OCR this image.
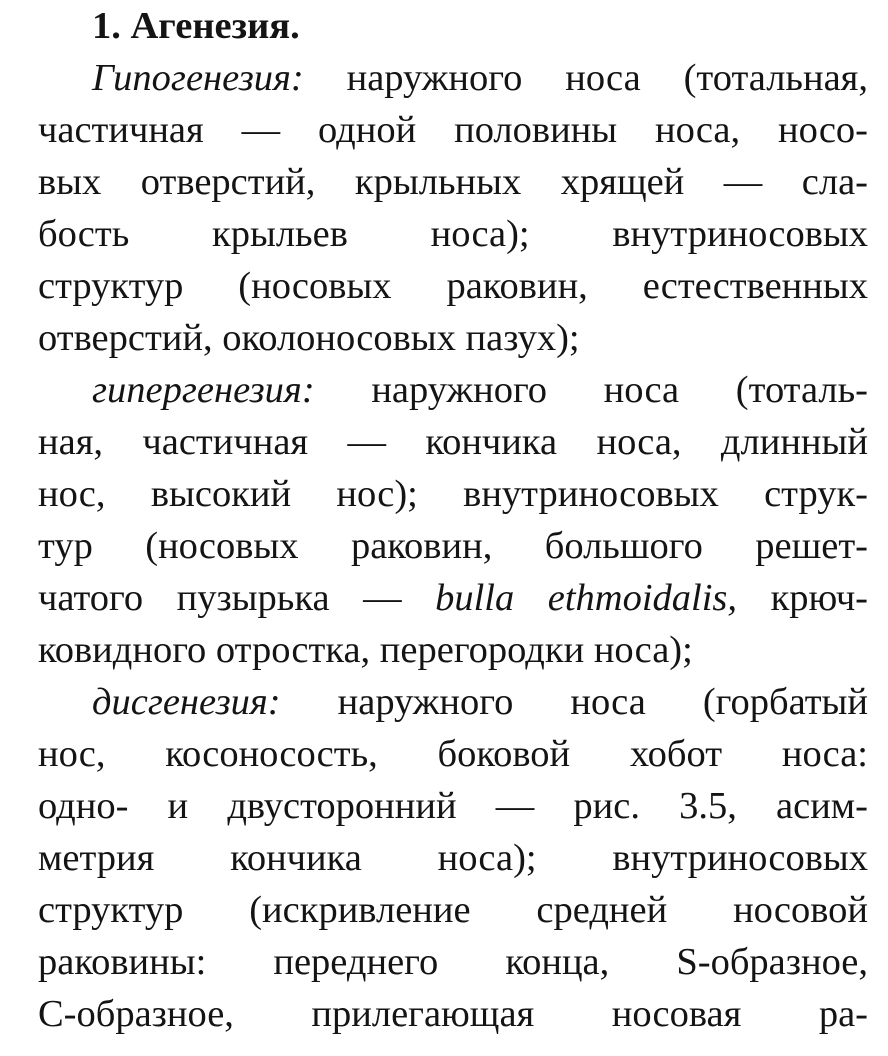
1. Агенезия.
Гипогенезия: наружного носа (тотальная,
частичная — одной половины носа, носо-
вых отверстий, крыльных хрящей — сла-
бость крыльев носа); внутриносовых
структур (носовых раковин, естественных
отверстий, околоносовых пазух);
гипергенезия: наружного носа (тоталь-
ная, частичная — кончика носа, длинный
нос, высокий нос); внутриносовых струк-
тур (носовых раковин, большого решет-
чатого пузырька — bulla ethmoidalis, крюч-
ковидного отростка, перегородки носа);
дисгенезия: наружного носа (горбатый
нос, косоносость, боковой хобот носа:
одно- и двусторонний — рис. 3.5, асим-
метрия кончика носа); внутриносовых
структур (искривление средней носовой
раковины: переднего конца, S-образное,
С-образное, прилегающая носовая ра-
